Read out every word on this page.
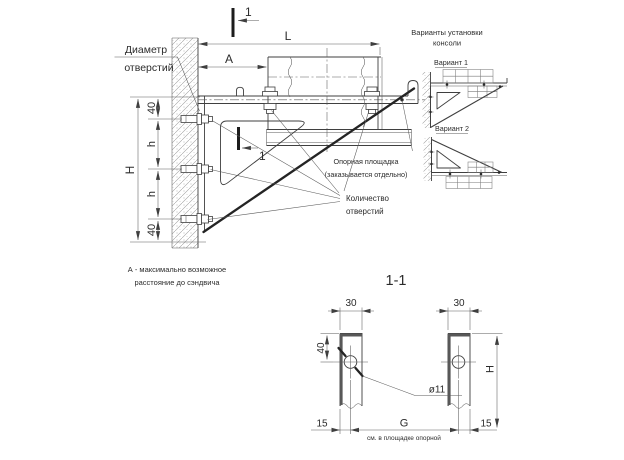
40
h
h
40
H
L
A
1
1
Диаметр
отверстий
Опорная площадка
(заказывается отдельно)
Количество
отверстий
А - максимально возможное
расстояние до сэндвича
Варианты установки
консоли
Вариант 1
Вариант 2
1-1
30	30
40
ø11
H
15	G	15
см. в площадке опорной
